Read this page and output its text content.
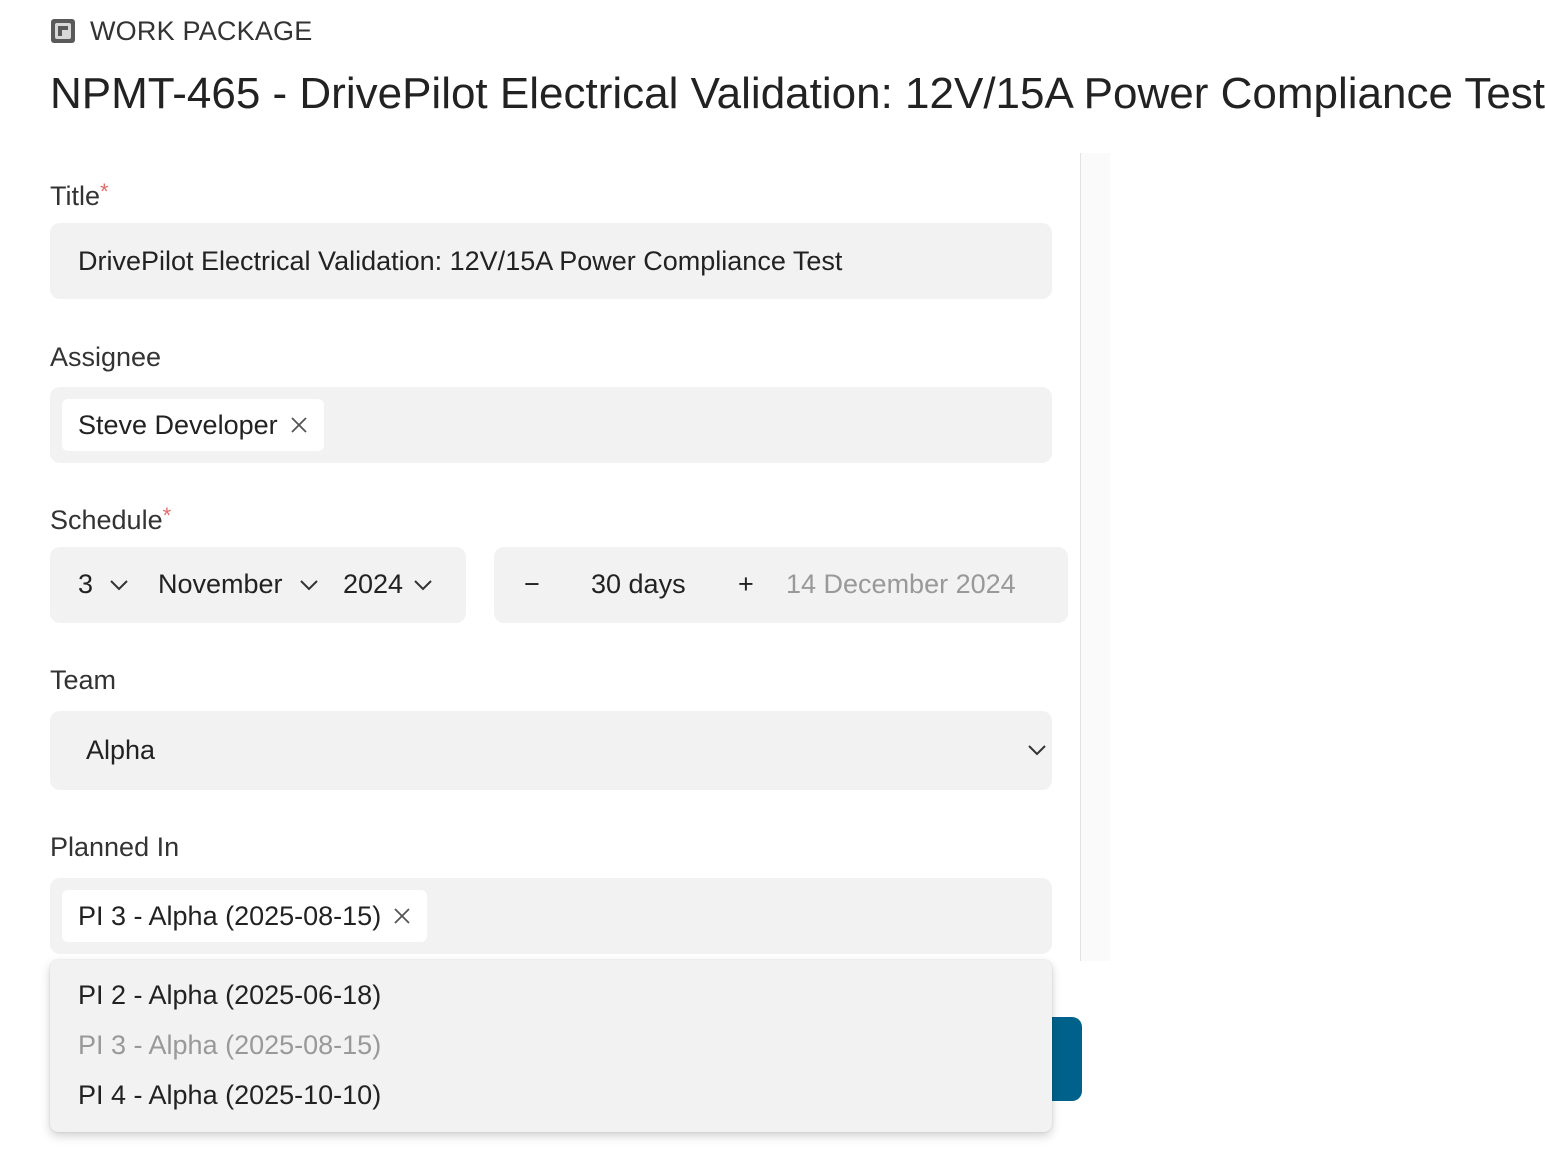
WORK PACKAGE
NPMT-465 - DrivePilot Electrical Validation: 12V/15A Power Compliance Test
Title*
DrivePilot Electrical Validation: 12V/15A Power Compliance Test
Assignee
Steve Developer
Schedule*
3 November 2024	− 30 days + 14 December 2024
Team
Alpha
Planned In
PI 3 - Alpha (2025-08-15)
PI 2 - Alpha (2025-06-18)
PI 3 - Alpha (2025-08-15)
PI 4 - Alpha (2025-10-10)
